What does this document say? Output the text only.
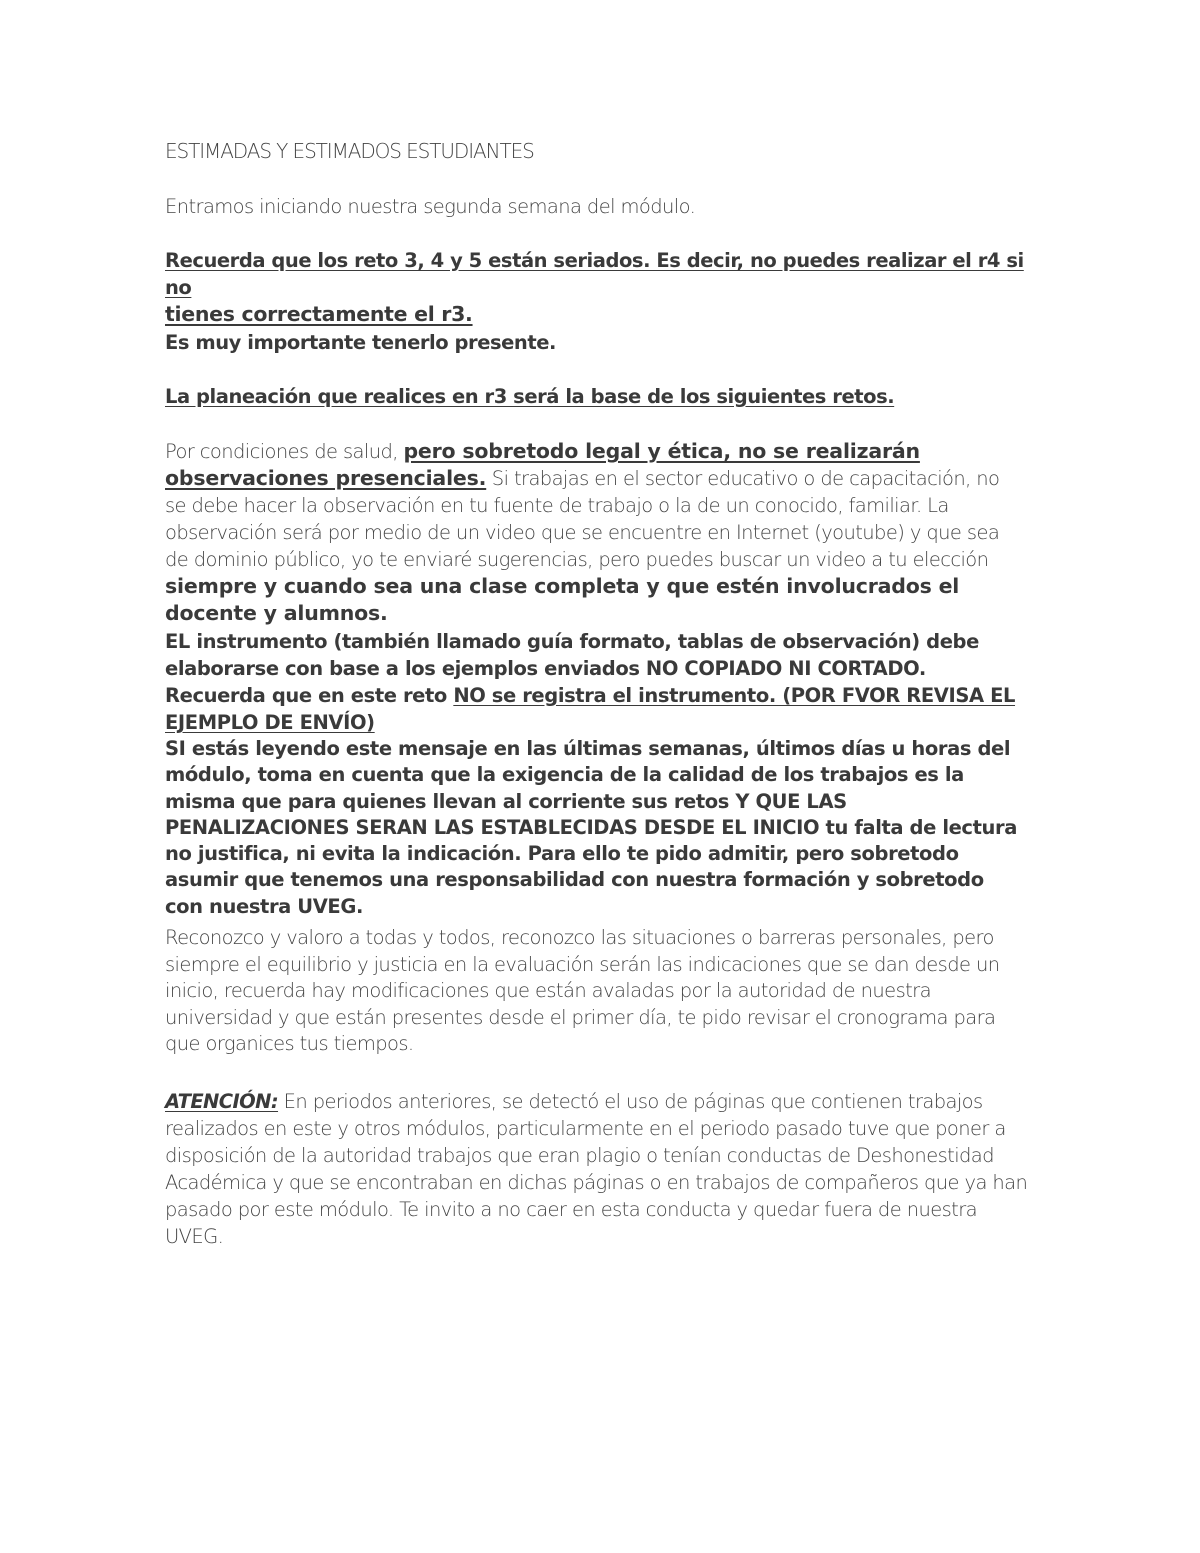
ESTIMADAS Y ESTIMADOS ESTUDIANTES

Entramos iniciando nuestra segunda semana del módulo.

Recuerda que los reto 3, 4 y 5 están seriados. Es decir, no puedes realizar el r4 si no

tienes correctamente el r3.

Es muy importante tenerlo presente.

La planeación que realices en r3 será la base de los siguientes retos.

Por condiciones de salud, pero sobretodo legal y ética, no se realizarán observaciones presenciales. Si trabajas en el sector educativo o de capacitación, no se debe hacer la observación en tu fuente de trabajo o la de un conocido, familiar. La observación será por medio de un video que se encuentre en Internet (youtube) y que sea de dominio público, yo te enviaré sugerencias, pero puedes buscar un video a tu elección siempre y cuando sea una clase completa y que estén involucrados el docente y alumnos.

EL instrumento (también llamado guía formato, tablas de observación) debe elaborarse con base a los ejemplos enviados NO COPIADO NI CORTADO. Recuerda que en este reto NO se registra el instrumento. (POR FVOR REVISA EL EJEMPLO DE ENVÍO)

SI estás leyendo este mensaje en las últimas semanas, últimos días u horas del módulo, toma en cuenta que la exigencia de la calidad de los trabajos es la misma que para quienes llevan al corriente sus retos Y QUE LAS PENALIZACIONES SERAN LAS ESTABLECIDAS DESDE EL INICIO tu falta de lectura no justifica, ni evita la indicación. Para ello te pido admitir, pero sobretodo asumir que tenemos una responsabilidad con nuestra formación y sobretodo con nuestra UVEG.

Reconozco y valoro a todas y todos, reconozco las situaciones o barreras personales, pero siempre el equilibrio y justicia en la evaluación serán las indicaciones que se dan desde un inicio, recuerda hay modificaciones que están avaladas por la autoridad de nuestra universidad y que están presentes desde el primer día, te pido revisar el cronograma para que organices tus tiempos.

ATENCIÓN: En periodos anteriores, se detectó el uso de páginas que contienen trabajos realizados en este y otros módulos, particularmente en el periodo pasado tuve que poner a disposición de la autoridad trabajos que eran plagio o tenían conductas de Deshonestidad Académica y que se encontraban en dichas páginas o en trabajos de compañeros que ya han pasado por este módulo. Te invito a no caer en esta conducta y quedar fuera de nuestra UVEG.
